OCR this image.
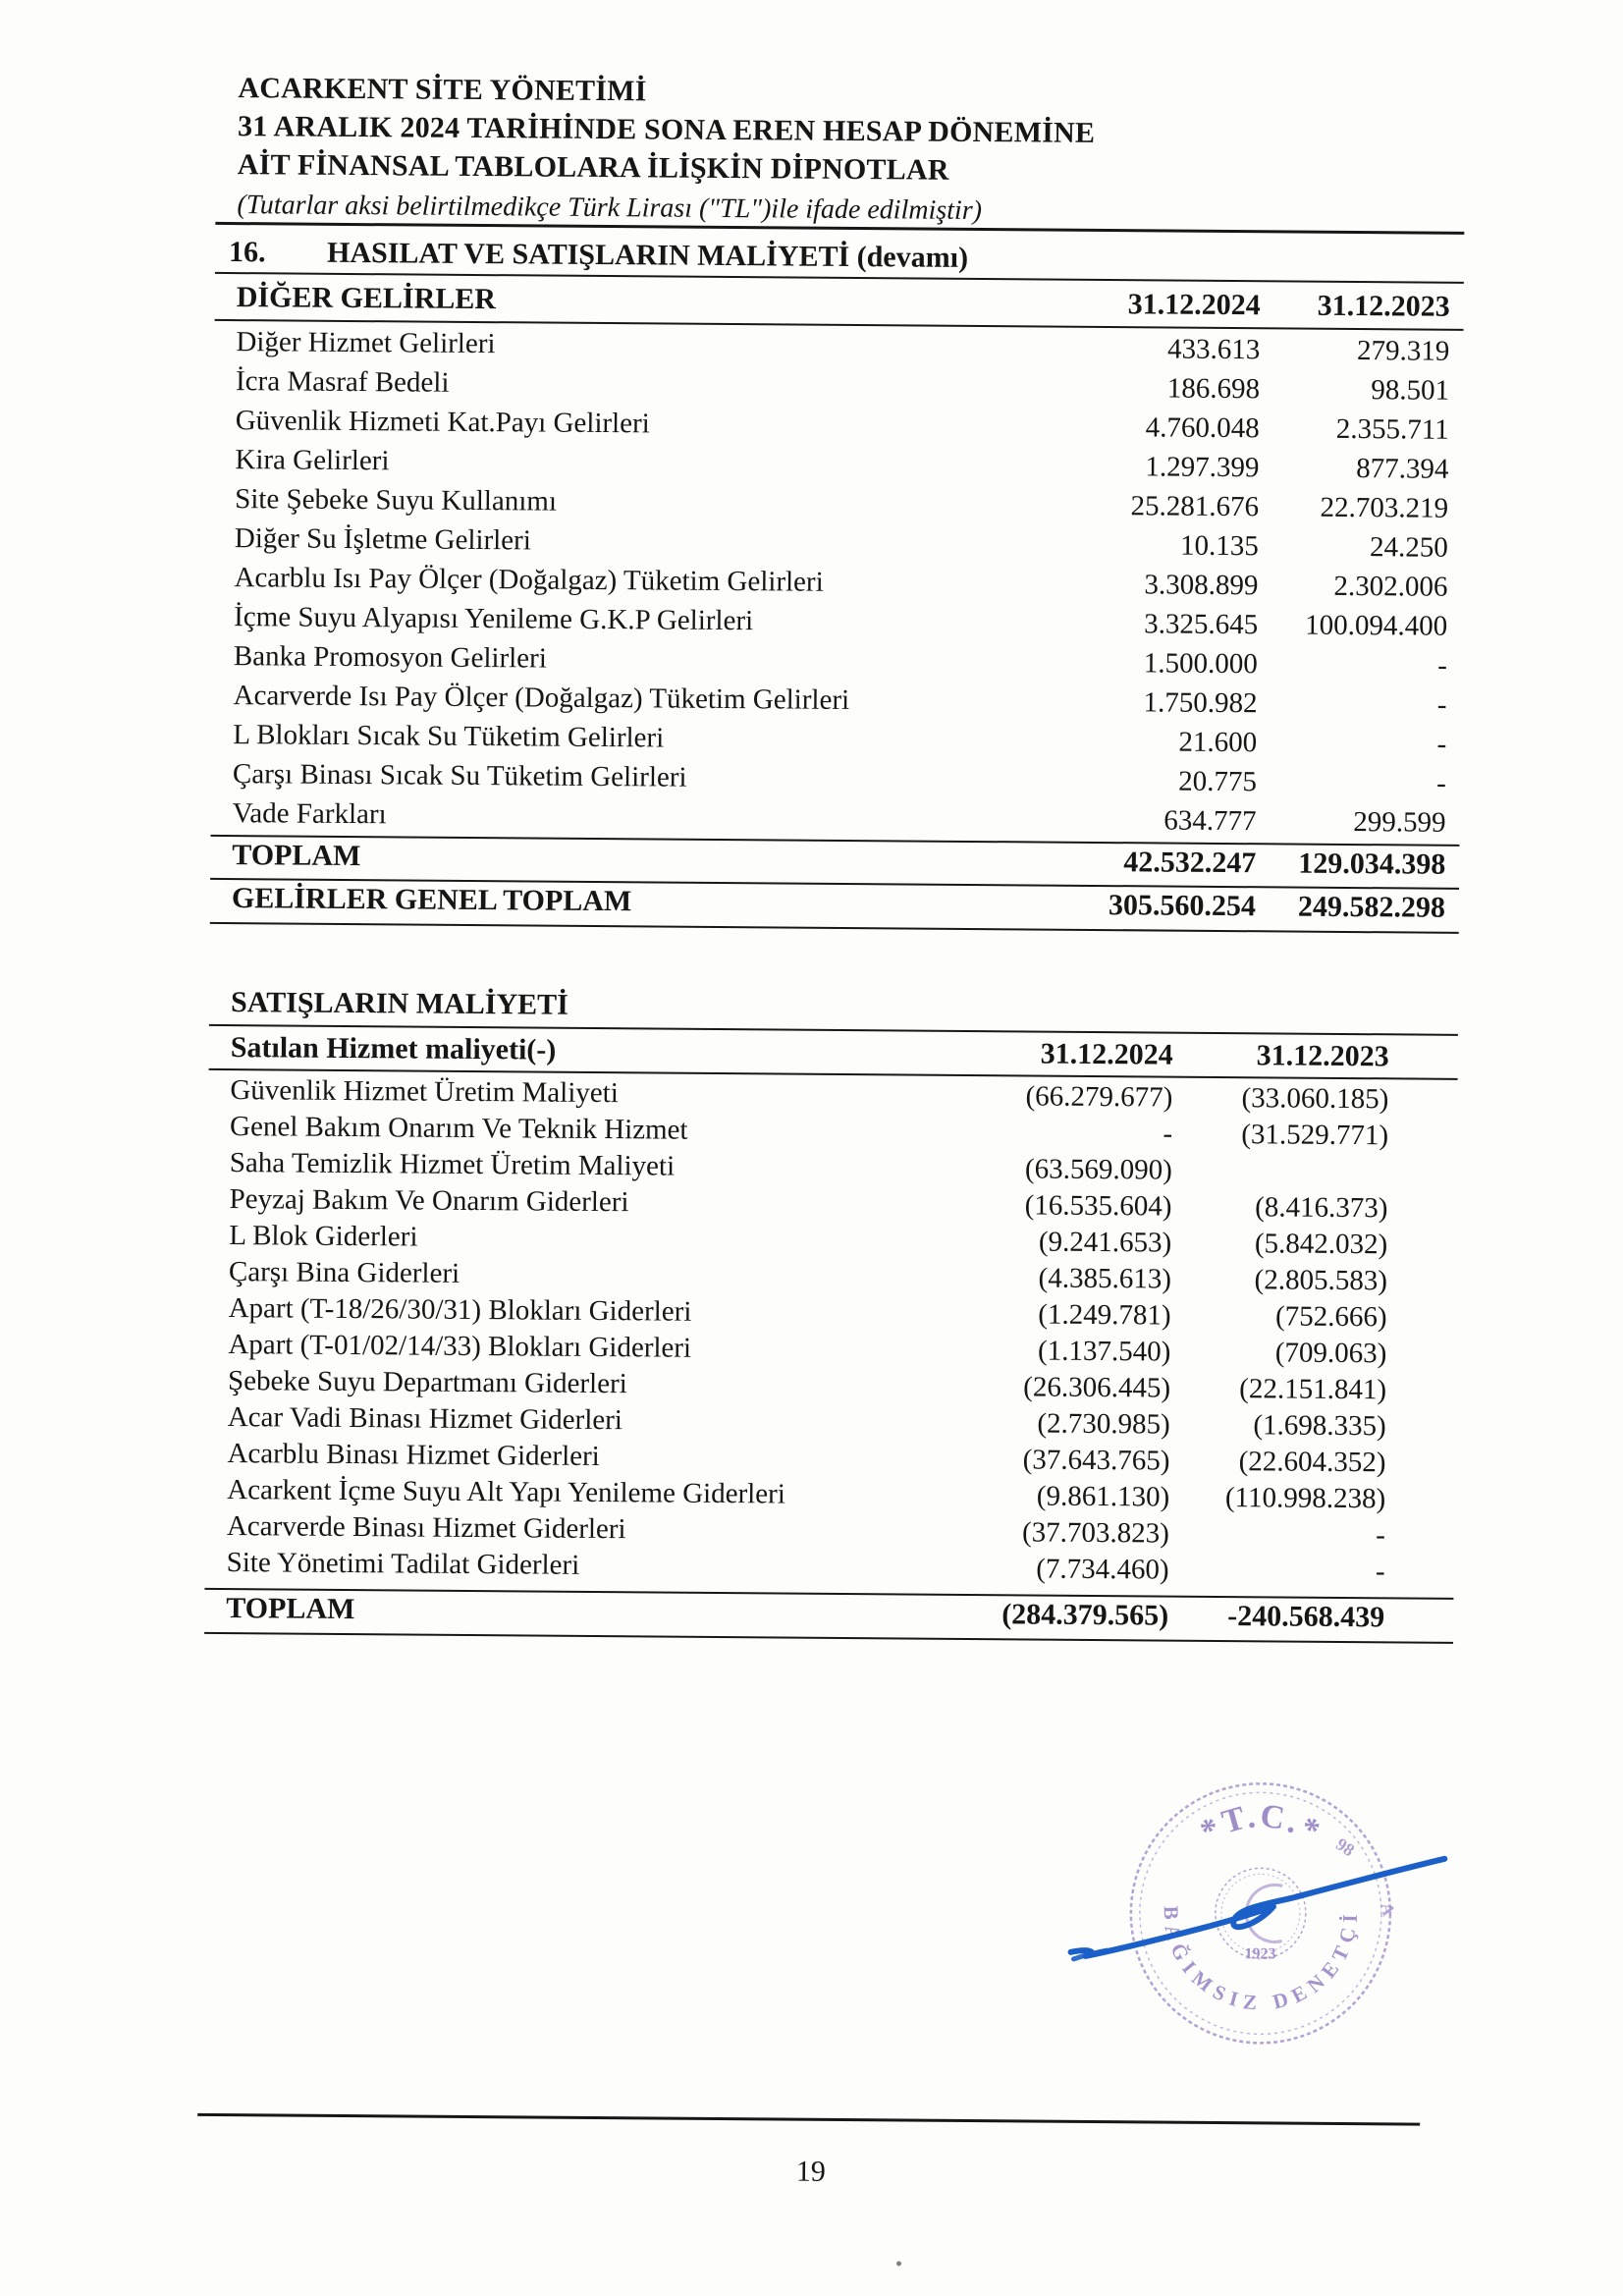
ACARKENT SİTE YÖNETİMİ
31 ARALIK 2024 TARİHİNDE SONA EREN HESAP DÖNEMİNE
AİT FİNANSAL TABLOLARA İLİŞKİN DİPNOTLAR
(Tutarlar aksi belirtilmedikçe Türk Lirası ("TL")ile ifade edilmiştir)
16. HASILAT VE SATIŞLARIN MALİYETİ (devamı)
DİĞER GELİRLER	31.12.2024 31.12.2023
Diğer Hizmet Gelirleri	433.613	279.319
İcra Masraf Bedeli	186.698	98.501
Güvenlik Hizmeti Kat.Payı Gelirleri	4.760.048	2.355.711
Kira Gelirleri	1.297.399	877.394
Site Şebeke Suyu Kullanımı	25.281.676 22.703.219
Diğer Su İşletme Gelirleri	10.135	24.250
Acarblu Isı Pay Ölçer (Doğalgaz) Tüketim Gelirleri	3.308.899	2.302.006
İçme Suyu Alyapısı Yenileme G.K.P Gelirleri	3.325.645 100.094.400
Banka Promosyon Gelirleri	1.500.000	-
Acarverde Isı Pay Ölçer (Doğalgaz) Tüketim Gelirleri	1.750.982	-
L Blokları Sıcak Su Tüketim Gelirleri	21.600	-
Çarşı Binası Sıcak Su Tüketim Gelirleri	20.775	-
Vade Farkları	634.777	299.599
TOPLAM	42.532.247 129.034.398
GELİRLER GENEL TOPLAM	305.560.254 249.582.298
SATIŞLARIN MALİYETİ
Satılan Hizmet maliyeti(-)	31.12.2024	31.12.2023
Güvenlik Hizmet Üretim Maliyeti	(66.279.677) (33.060.185)
Genel Bakım Onarım Ve Teknik Hizmet	- (31.529.771)
Saha Temizlik Hizmet Üretim Maliyeti	(63.569.090)
Peyzaj Bakım Ve Onarım Giderleri	(16.535.604)	(8.416.373)
L Blok Giderleri	(9.241.653)	(5.842.032)
Çarşı Bina Giderleri	(4.385.613)	(2.805.583)
Apart (T-18/26/30/31) Blokları Giderleri	(1.249.781)	(752.666)
Apart (T-01/02/14/33) Blokları Giderleri	(1.137.540)	(709.063)
Şebeke Suyu Departmanı Giderleri	(26.306.445) (22.151.841)
Acar Vadi Binası Hizmet Giderleri	(2.730.985)	(1.698.335)
Acarblu Binası Hizmet Giderleri	(37.643.765) (22.604.352)
Acarkent İçme Suyu Alt Yapı Yenileme Giderleri	(9.861.130) (110.998.238)
Acarverde Binası Hizmet Giderleri	(37.703.823)	-
Site Yönetimi Tadilat Giderleri	(7.734.460)	-
TOPLAM	(284.379.565) -240.568.439
*T.C.*
BAĞIMSIZ DENETÇİ
98
A
1923
19
